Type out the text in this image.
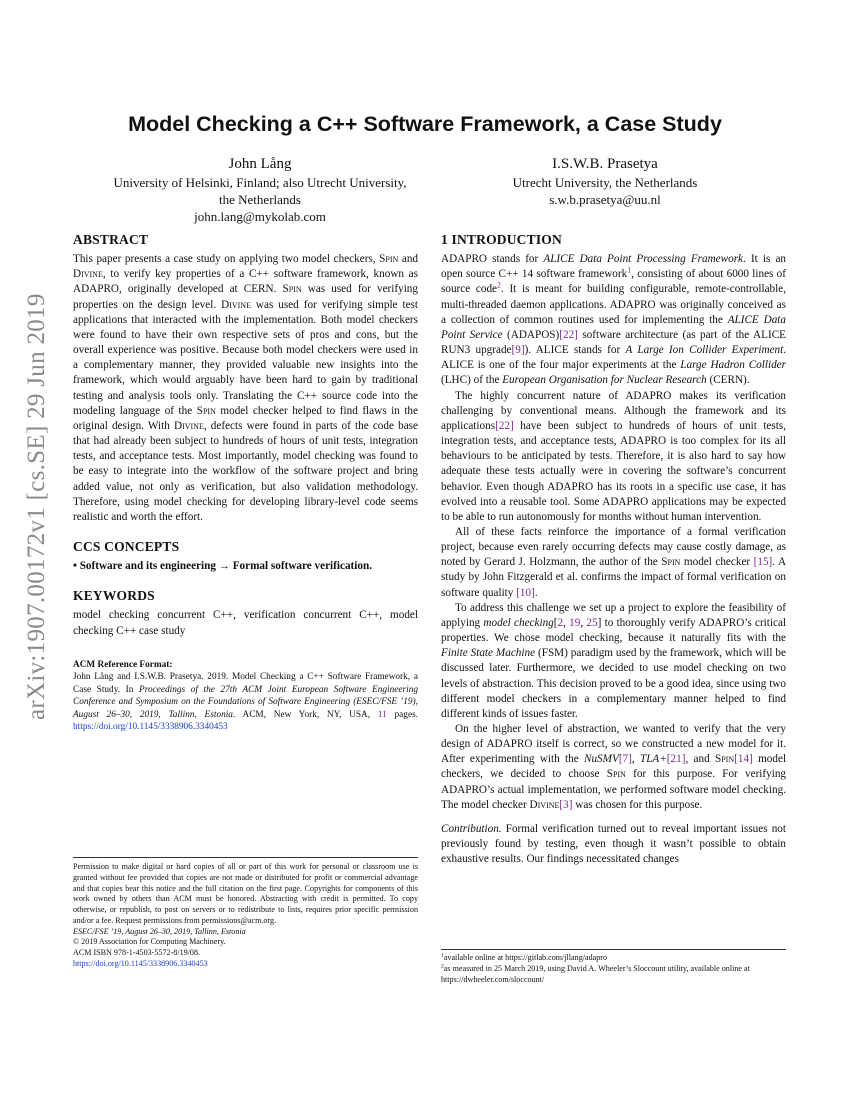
arXiv:1907.00172v1 [cs.SE] 29 Jun 2019
Model Checking a C++ Software Framework, a Case Study
John Lång
University of Helsinki, Finland; also Utrecht University,
the Netherlands
john.lang@mykolab.com
I.S.W.B. Prasetya
Utrecht University, the Netherlands
s.w.b.prasetya@uu.nl
ABSTRACT

This paper presents a case study on applying two model checkers, Spin and Divine, to verify key properties of a C++ software framework, known as ADAPRO, originally developed at CERN. Spin was used for verifying properties on the design level. Divine was used for verifying simple test applications that interacted with the implementation. Both model checkers were found to have their own respective sets of pros and cons, but the overall experience was positive. Because both model checkers were used in a complementary manner, they provided valuable new insights into the framework, which would arguably have been hard to gain by traditional testing and analysis tools only. Translating the C++ source code into the modeling language of the Spin model checker helped to find flaws in the original design. With Divine, defects were found in parts of the code base that had already been subject to hundreds of hours of unit tests, integration tests, and acceptance tests. Most importantly, model checking was found to be easy to integrate into the workflow of the software project and bring added value, not only as verification, but also validation methodology. Therefore, using model checking for developing library-level code seems realistic and worth the effort.

CCS CONCEPTS

• Software and its engineering → Formal software verification.

KEYWORDS

model checking concurrent C++, verification concurrent C++, model checking C++ case study

ACM Reference Format:

John Lång and I.S.W.B. Prasetya. 2019. Model Checking a C++ Software Framework, a Case Study. In Proceedings of the 27th ACM Joint European Software Engineering Conference and Symposium on the Foundations of Software Engineering (ESEC/FSE ’19), August 26–30, 2019, Tallinn, Estonia. ACM, New York, NY, USA, 11 pages. https://doi.org/10.1145/3338906.3340453

Permission to make digital or hard copies of all or part of this work for personal or classroom use is granted without fee provided that copies are not made or distributed for profit or commercial advantage and that copies bear this notice and the full citation on the first page. Copyrights for components of this work owned by others than ACM must be honored. Abstracting with credit is permitted. To copy otherwise, or republish, to post on servers or to redistribute to lists, requires prior specific permission and/or a fee. Request permissions from permissions@acm.org.

ESEC/FSE ’19, August 26–30, 2019, Tallinn, Estonia
© 2019 Association for Computing Machinery.
ACM ISBN 978-1-4503-5572-8/19/08.
https://doi.org/10.1145/3338906.3340453
1 INTRODUCTION

ADAPRO stands for ALICE Data Point Processing Framework. It is an open source C++ 14 software framework$^1$, consisting of about 6000 lines of source code$^2$. It is meant for building configurable, remote-controllable, multi-threaded daemon applications. ADAPRO was originally conceived as a collection of common routines used for implementing the ALICE Data Point Service (ADAPOS)[22] software architecture (as part of the ALICE RUN3 upgrade[9]). ALICE stands for A Large Ion Collider Experiment. ALICE is one of the four major experiments at the Large Hadron Collider (LHC) of the European Organisation for Nuclear Research (CERN).

The highly concurrent nature of ADAPRO makes its verification challenging by conventional means. Although the framework and its applications[22] have been subject to hundreds of hours of unit tests, integration tests, and acceptance tests, ADAPRO is too complex for its all behaviours to be anticipated by tests. Therefore, it is also hard to say how adequate these tests actually were in covering the software’s concurrent behavior. Even though ADAPRO has its roots in a specific use case, it has evolved into a reusable tool. Some ADAPRO applications may be expected to be able to run autonomously for months without human intervention.

All of these facts reinforce the importance of a formal verification project, because even rarely occurring defects may cause costly damage, as noted by Gerard J. Holzmann, the author of the Spin model checker [15]. A study by John Fitzgerald et al. confirms the impact of formal verification on software quality [10].

To address this challenge we set up a project to explore the feasibility of applying model checking[2, 19, 25] to thoroughly verify ADAPRO’s critical properties. We chose model checking, because it naturally fits with the Finite State Machine (FSM) paradigm used by the framework, which will be discussed later. Furthermore, we decided to use model checking on two levels of abstraction. This decision proved to be a good idea, since using two different model checkers in a complementary manner helped to find different kinds of issues faster.

On the higher level of abstraction, we wanted to verify that the very design of ADAPRO itself is correct, so we constructed a new model for it. After experimenting with the NuSMV[7], TLA+[21], and Spin[14] model checkers, we decided to choose Spin for this purpose. For verifying ADAPRO’s actual implementation, we performed software model checking. The model checker Divine[3] was chosen for this purpose.

Contribution. Formal verification turned out to reveal important issues not previously found by testing, even though it wasn’t possible to obtain exhaustive results. Our findings necessitated changes

$^1$available online at https://gitlab.com/jllang/adapro
$^2$as measured in 25 March 2019, using David A. Wheeler’s Sloccount utility, available online at https://dwheeler.com/sloccount/
